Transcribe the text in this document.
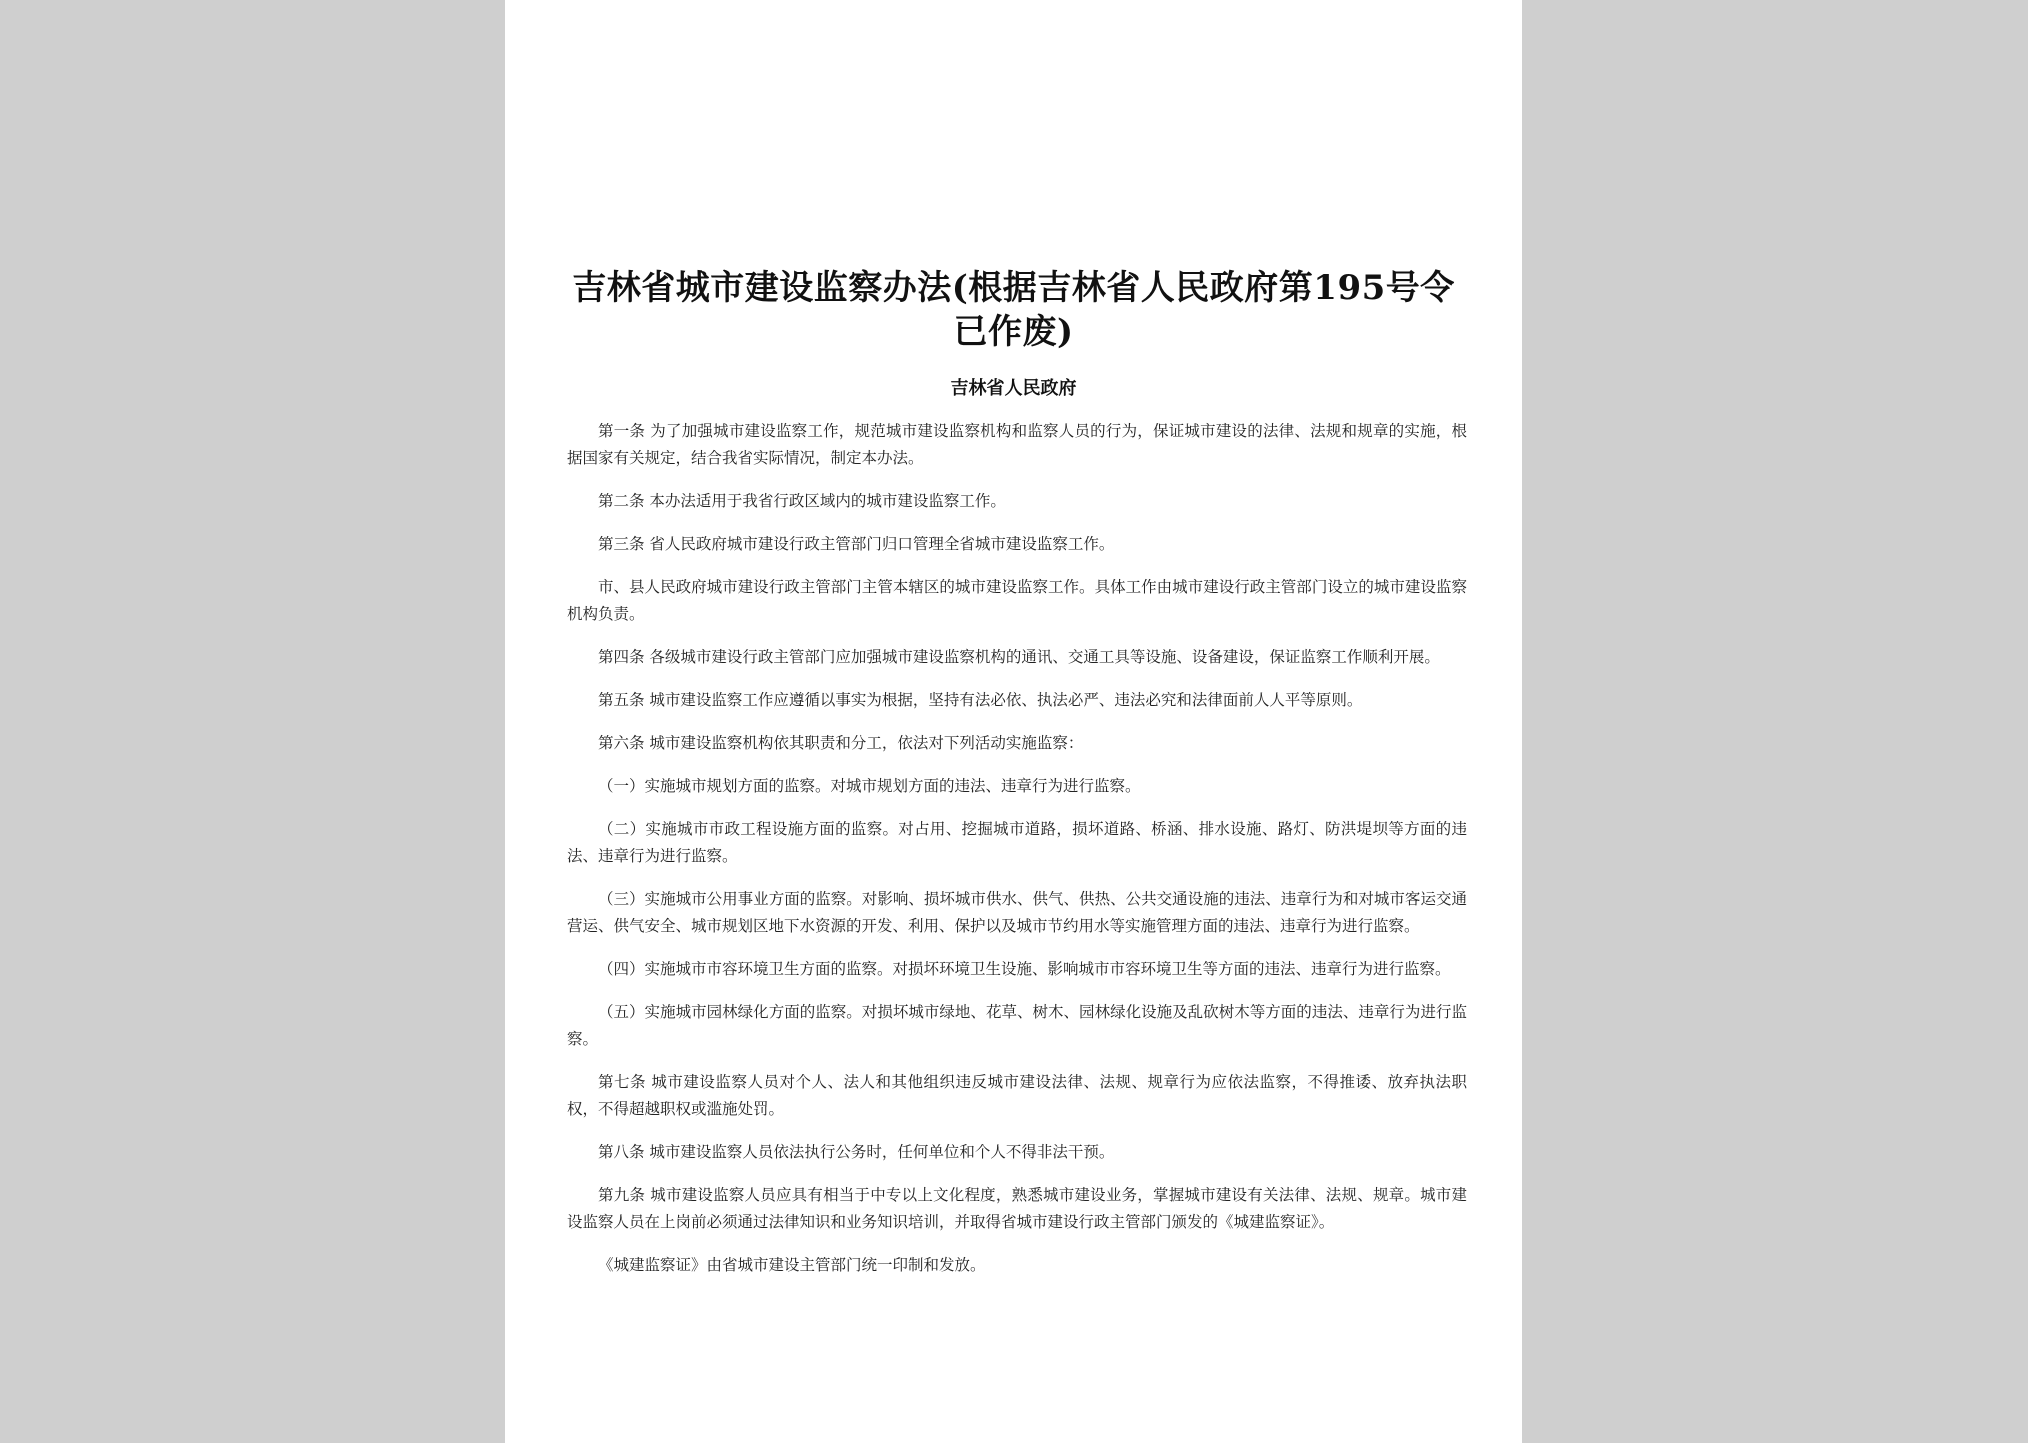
吉林省城市建设监察办法(根据吉林省人民政府第195号令已作废)
吉林省人民政府

第一条 为了加强城市建设监察工作，规范城市建设监察机构和监察人员的行为，保证城市建设的法律、法规和规章的实施，根据国家有关规定，结合我省实际情况，制定本办法。

第二条 本办法适用于我省行政区域内的城市建设监察工作。

第三条 省人民政府城市建设行政主管部门归口管理全省城市建设监察工作。

市、县人民政府城市建设行政主管部门主管本辖区的城市建设监察工作。具体工作由城市建设行政主管部门设立的城市建设监察机构负责。

第四条 各级城市建设行政主管部门应加强城市建设监察机构的通讯、交通工具等设施、设备建设，保证监察工作顺利开展。

第五条 城市建设监察工作应遵循以事实为根据，坚持有法必依、执法必严、违法必究和法律面前人人平等原则。

第六条 城市建设监察机构依其职责和分工，依法对下列活动实施监察：

（一）实施城市规划方面的监察。对城市规划方面的违法、违章行为进行监察。

（二）实施城市市政工程设施方面的监察。对占用、挖掘城市道路，损坏道路、桥涵、排水设施、路灯、防洪堤坝等方面的违法、违章行为进行监察。

（三）实施城市公用事业方面的监察。对影响、损坏城市供水、供气、供热、公共交通设施的违法、违章行为和对城市客运交通营运、供气安全、城市规划区地下水资源的开发、利用、保护以及城市节约用水等实施管理方面的违法、违章行为进行监察。

（四）实施城市市容环境卫生方面的监察。对损坏环境卫生设施、影响城市市容环境卫生等方面的违法、违章行为进行监察。

（五）实施城市园林绿化方面的监察。对损坏城市绿地、花草、树木、园林绿化设施及乱砍树木等方面的违法、违章行为进行监察。

第七条 城市建设监察人员对个人、法人和其他组织违反城市建设法律、法规、规章行为应依法监察，不得推诿、放弃执法职权，不得超越职权或滥施处罚。

第八条 城市建设监察人员依法执行公务时，任何单位和个人不得非法干预。

第九条 城市建设监察人员应具有相当于中专以上文化程度，熟悉城市建设业务，掌握城市建设有关法律、法规、规章。城市建设监察人员在上岗前必须通过法律知识和业务知识培训，并取得省城市建设行政主管部门颁发的《城建监察证》。

《城建监察证》由省城市建设主管部门统一印制和发放。
